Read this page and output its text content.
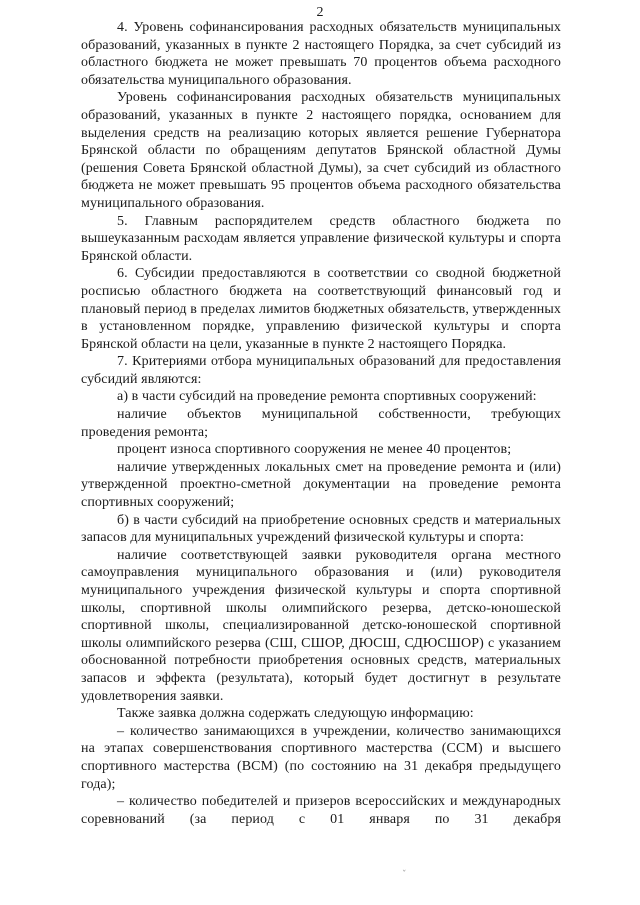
2

4. Уровень софинансирования расходных обязательств муниципальных образований, указанных в пункте 2 настоящего Порядка, за счет субсидий из областного бюджета не может превышать 70 процентов объема расходного обязательства муниципального образования.

Уровень софинансирования расходных обязательств муниципальных образований, указанных в пункте 2 настоящего порядка, основанием для выделения средств на реализацию которых является решение Губернатора Брянской области по обращениям депутатов Брянской областной Думы (решения Совета Брянской областной Думы), за счет субсидий из областного бюджета не может превышать 95 процентов объема расходного обязательства муниципального образования.

5. Главным распорядителем средств областного бюджета по вышеуказанным расходам является управление физической культуры и спорта Брянской области.

6. Субсидии предоставляются в соответствии со сводной бюджетной росписью областного бюджета на соответствующий финансовый год и плановый период в пределах лимитов бюджетных обязательств, утвержденных в установленном порядке, управлению физической культуры и спорта Брянской области на цели, указанные в пункте 2 настоящего Порядка.

7. Критериями отбора муниципальных образований для предоставления субсидий являются:

а) в части субсидий на проведение ремонта спортивных сооружений:

наличие объектов муниципальной собственности, требующих проведения ремонта;

процент износа спортивного сооружения не менее 40 процентов;

наличие утвержденных локальных смет на проведение ремонта и (или) утвержденной проектно-сметной документации на проведение ремонта спортивных сооружений;

б) в части субсидий на приобретение основных средств и материальных запасов для муниципальных учреждений физической культуры и спорта:

наличие соответствующей заявки руководителя органа местного самоуправления муниципального образования и (или) руководителя муниципального учреждения физической культуры и спорта спортивной школы, спортивной школы олимпийского резерва, детско-юношеской спортивной школы, специализированной детско-юношеской спортивной школы олимпийского резерва (СШ, СШОР, ДЮСШ, СДЮСШОР) с указанием обоснованной потребности приобретения основных средств, материальных запасов и эффекта (результата), который будет достигнут в результате удовлетворения заявки.

Также заявка должна содержать следующую информацию:

– количество занимающихся в учреждении, количество занимающихся на этапах совершенствования спортивного мастерства (ССМ) и высшего спортивного мастерства (ВСМ) (по состоянию на 31 декабря предыдущего года);

– количество победителей и призеров всероссийских и международных соревнований (за период с 01 января по 31 декабря

ˇ
